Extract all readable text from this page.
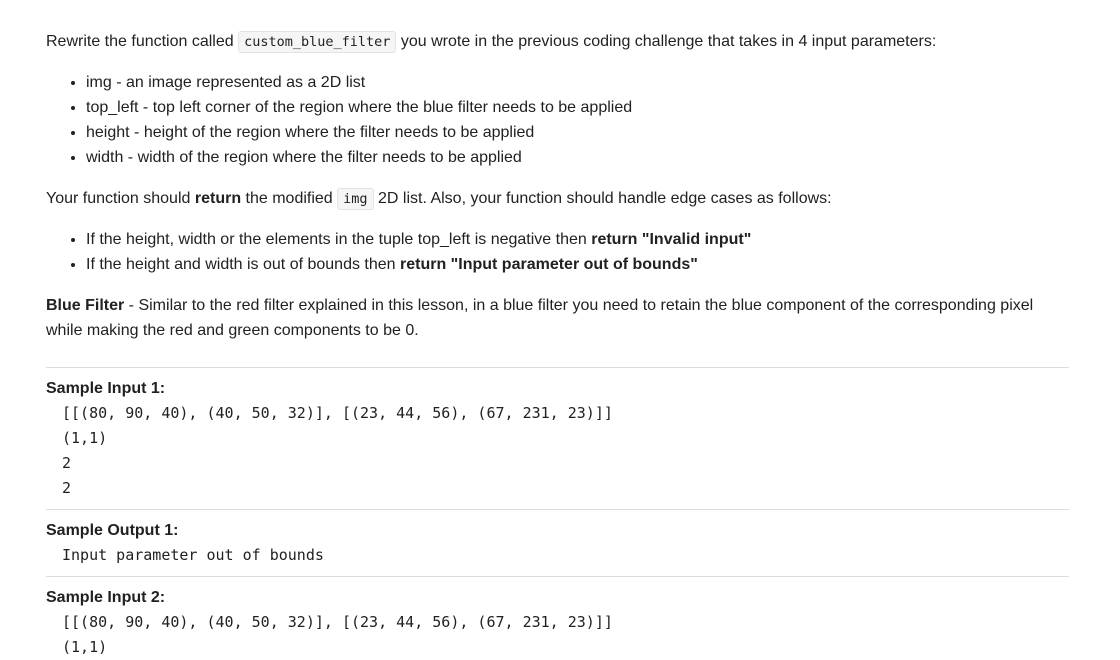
Rewrite the function called custom_blue_filter you wrote in the previous coding challenge that takes in 4 input parameters:

• img - an image represented as a 2D list
• top_left - top left corner of the region where the blue filter needs to be applied
• height - height of the region where the filter needs to be applied
• width - width of the region where the filter needs to be applied

Your function should return the modified img 2D list. Also, your function should handle edge cases as follows:

• If the height, width or the elements in the tuple top_left is negative then return "Invalid input"
• If the height and width is out of bounds then return "Input parameter out of bounds"

Blue Filter - Similar to the red filter explained in this lesson, in a blue filter you need to retain the blue component of the corresponding pixel while making the red and green components to be 0.

Sample Input 1:

[[(80, 90, 40), (40, 50, 32)], [(23, 44, 56), (67, 231, 23)]]

(1,1)

2

2

Sample Output 1:

Input parameter out of bounds

Sample Input 2:

[[(80, 90, 40), (40, 50, 32)], [(23, 44, 56), (67, 231, 23)]]

(1,1)
